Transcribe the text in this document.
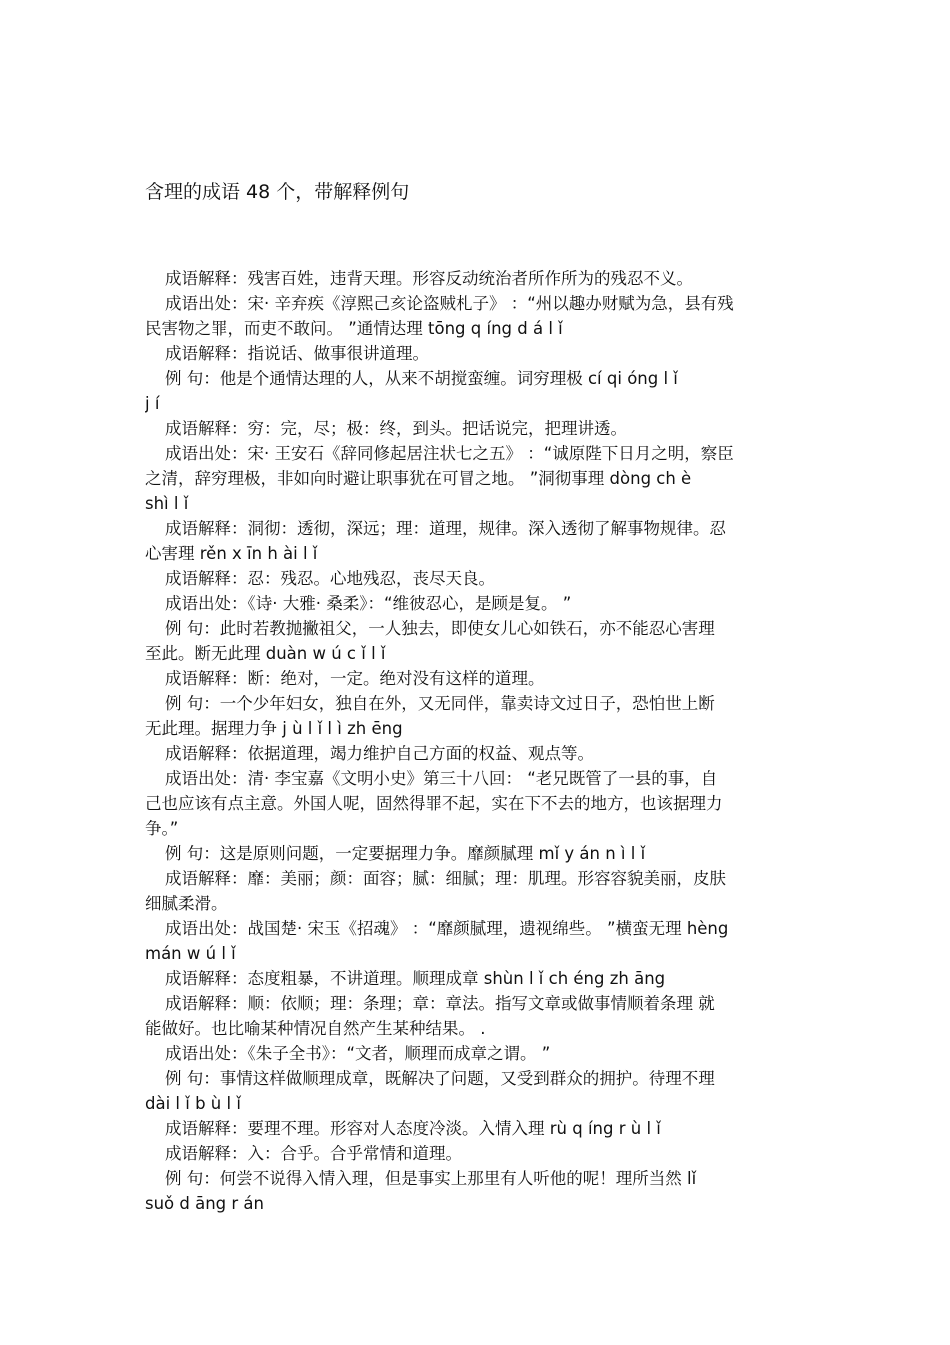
含理的成语 48 个，带解释例句
成语解释：残害百姓，违背天理。形容反动统治者所作所为的残忍不义。
成语出处：宋· 辛弃疾《淳熙己亥论盗贼札子》 ：“州以趣办财赋为急，县有残
民害物之罪，而吏不敢问。 ”通情达理 tōng q íng d á l ǐ
成语解释：指说话、做事很讲道理。
例 句：他是个通情达理的人，从来不胡搅蛮缠。词穷理极 cí qi óng l ǐ
j í
成语解释：穷：完，尽；极：终，到头。把话说完，把理讲透。
成语出处：宋· 王安石《辞同修起居注状七之五》 ：“诚原陛下日月之明，察臣
之清，辞穷理极，非如向时避让职事犹在可冒之地。 ”洞彻事理 dòng ch è
shì l ǐ
成语解释：洞彻：透彻，深远；理：道理，规律。深入透彻了解事物规律。忍
心害理 rěn x īn h ài l ǐ
成语解释：忍：残忍。心地残忍，丧尽天良。
成语出处：《诗· 大雅· 桑柔》：“维彼忍心，是顾是复。 ”
例 句：此时若教抛撇祖父，一人独去，即使女儿心如铁石，亦不能忍心害理
至此。断无此理 duàn w ú c ǐ l ǐ
成语解释：断：绝对，一定。绝对没有这样的道理。
例 句：一个少年妇女，独自在外，又无同伴，靠卖诗文过日子，恐怕世上断
无此理。据理力争 j ù l ǐ l ì zh ēng
成语解释：依据道理，竭力维护自己方面的权益、观点等。
成语出处：清· 李宝嘉《文明小史》第三十八回： “老兄既管了一县的事，自
己也应该有点主意。外国人呢，固然得罪不起，实在下不去的地方，也该据理力
争。”
例 句：这是原则问题，一定要据理力争。靡颜腻理 mǐ y án n ì l ǐ
成语解释：靡：美丽；颜：面容；腻：细腻；理：肌理。形容容貌美丽，皮肤
细腻柔滑。
成语出处：战国楚· 宋玉《招魂》 ：“靡颜腻理，遗视绵些。 ”横蛮无理 hèng
mán w ú l ǐ
成语解释：态度粗暴，不讲道理。顺理成章 shùn l ǐ ch éng zh āng
成语解释：顺：依顺；理：条理；章：章法。指写文章或做事情顺着条理 就
能做好。也比喻某种情况自然产生某种结果。 .
成语出处：《朱子全书》：“文者，顺理而成章之谓。 ”
例 句：事情这样做顺理成章，既解决了问题，又受到群众的拥护。待理不理
dài l ǐ b ù l ǐ
成语解释：要理不理。形容对人态度冷淡。入情入理 rù q íng r ù l ǐ
成语解释：入：合乎。合乎常情和道理。
例 句：何尝不说得入情入理，但是事实上那里有人听他的呢！理所当然 lǐ
suǒ d āng r án
